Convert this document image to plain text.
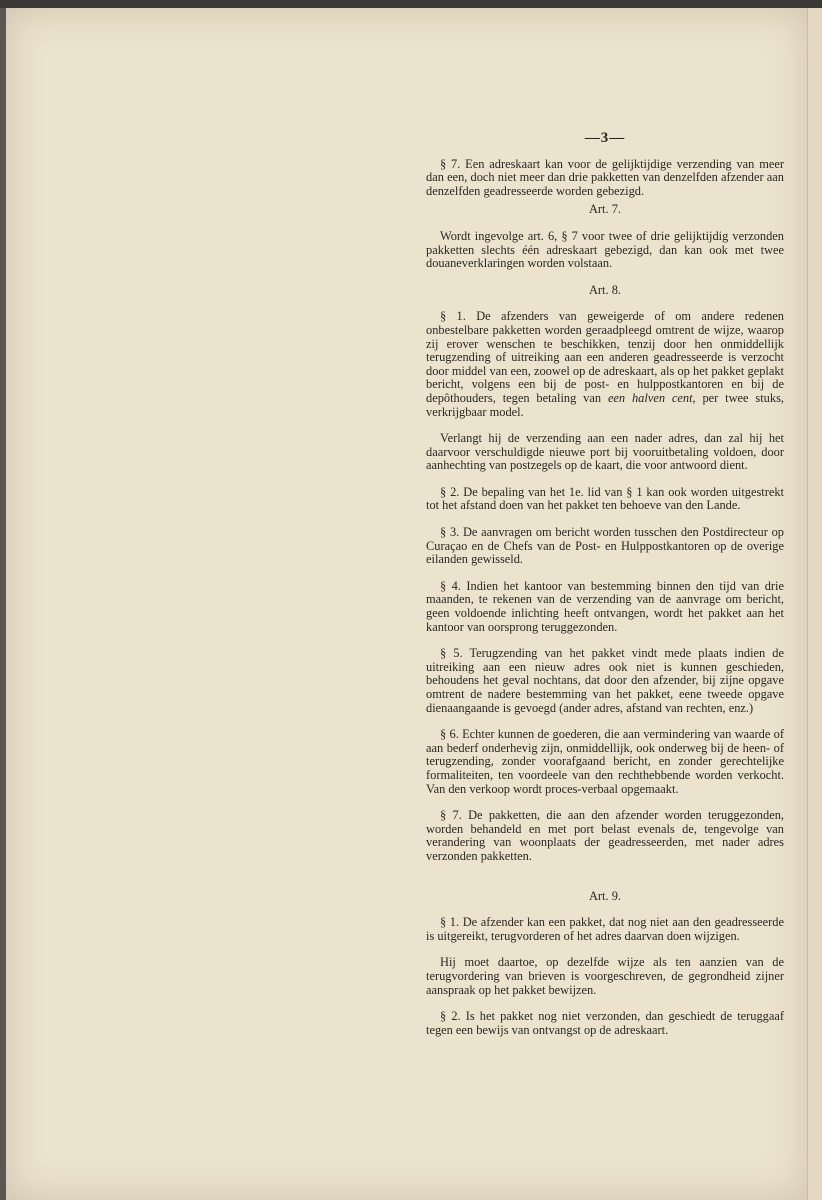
—3—

§ 7. Een adreskaart kan voor de gelijktijdige verzending van meer dan een, doch niet meer dan drie pakketten van denzelfden afzender aan denzelfden geadresseerde worden gebezigd.

Art. 7.

Wordt ingevolge art. 6, § 7 voor twee of drie gelijktijdig verzonden pakketten slechts één adreskaart gebezigd, dan kan ook met twee douaneverklaringen worden volstaan.

Art. 8.

§ 1. De afzenders van geweigerde of om andere redenen onbestelbare pakketten worden geraadpleegd omtrent de wijze, waarop zij erover wenschen te beschikken, tenzij door hen onmiddellijk terugzending of uitreiking aan een anderen geadresseerde is verzocht door middel van een, zoowel op de adreskaart, als op het pakket geplakt bericht, volgens een bij de post- en hulppostkantoren en bij de depôthouders, tegen betaling van een halven cent, per twee stuks, verkrijgbaar model.

Verlangt hij de verzending aan een nader adres, dan zal hij het daarvoor verschuldigde nieuwe port bij vooruitbetaling voldoen, door aanhechting van postzegels op de kaart, die voor antwoord dient.

§ 2. De bepaling van het 1e. lid van § 1 kan ook worden uitgestrekt tot het afstand doen van het pakket ten behoeve van den Lande.

§ 3. De aanvragen om bericht worden tusschen den Postdirecteur op Curaçao en de Chefs van de Post- en Hulppostkantoren op de overige eilanden gewisseld.

§ 4. Indien het kantoor van bestemming binnen den tijd van drie maanden, te rekenen van de verzending van de aanvrage om bericht, geen voldoende inlichting heeft ontvangen, wordt het pakket aan het kantoor van oorsprong teruggezonden.

§ 5. Terugzending van het pakket vindt mede plaats indien de uitreiking aan een nieuw adres ook niet is kunnen geschieden, behoudens het geval nochtans, dat door den afzender, bij zijne opgave omtrent de nadere bestemming van het pakket, eene tweede opgave dienaangaande is gevoegd (ander adres, afstand van rechten, enz.)

§ 6. Echter kunnen de goederen, die aan vermindering van waarde of aan bederf onderhevig zijn, onmiddellijk, ook onderweg bij de heen- of terugzending, zonder voorafgaand bericht, en zonder gerechtelijke formaliteiten, ten voordeele van den rechthebbende worden verkocht. Van den verkoop wordt proces-verbaal opgemaakt.

§ 7. De pakketten, die aan den afzender worden teruggezonden, worden behandeld en met port belast evenals de, tengevolge van verandering van woonplaats der geadresseerden, met nader adres verzonden pakketten.

Art. 9.

§ 1. De afzender kan een pakket, dat nog niet aan den geadresseerde is uitgereikt, terugvorderen of het adres daarvan doen wijzigen.

Hij moet daartoe, op dezelfde wijze als ten aanzien van de terugvordering van brieven is voorgeschreven, de gegrondheid zijner aanspraak op het pakket bewijzen.

§ 2. Is het pakket nog niet verzonden, dan geschiedt de teruggaaf tegen een bewijs van ontvangst op de adreskaart.
